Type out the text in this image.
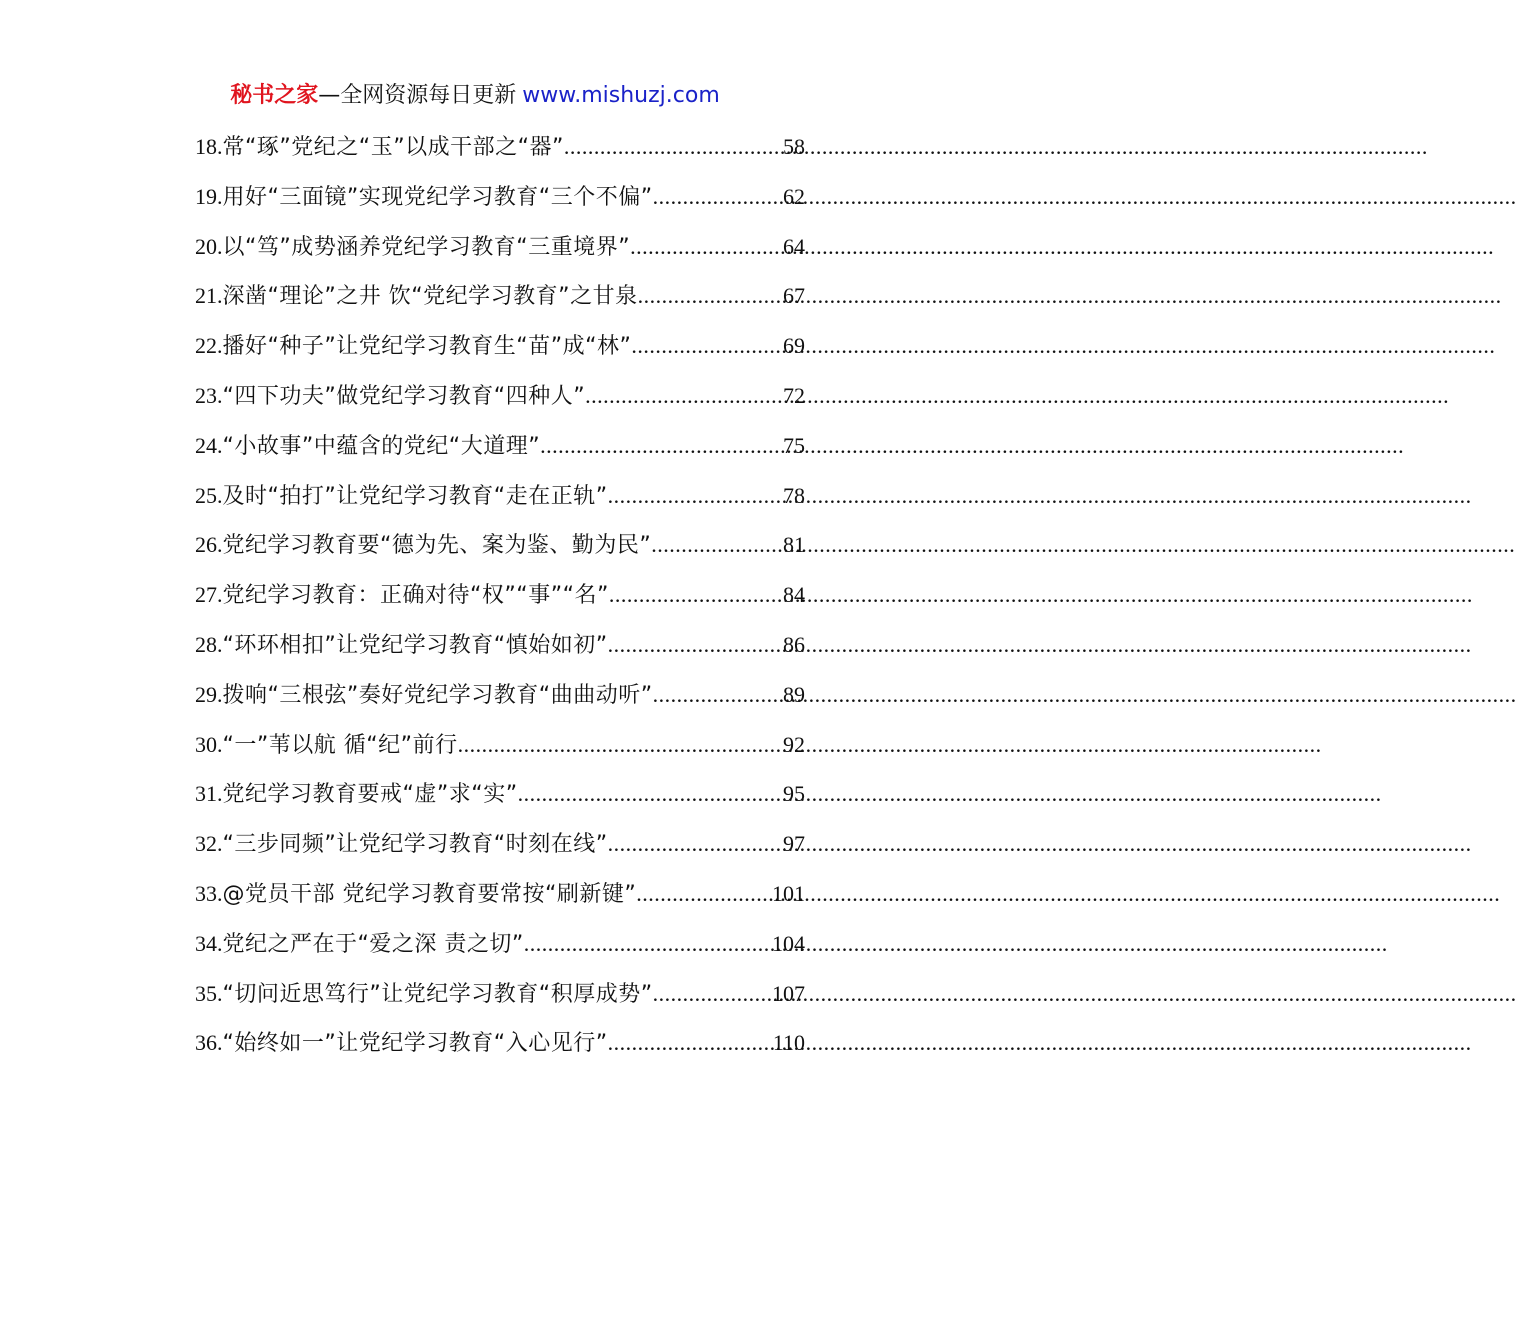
秘书之家—全网资源每日更新 www.mishuzj.com
18. 常“琢”党纪之“玉”以成干部之“器” .....	58
19. 用好“三面镜”实现党纪学习教育“三个不偏” .....	62
20. 以“笃”成势涵养党纪学习教育“三重境界” .....	64
21. 深凿“理论”之井 饮“党纪学习教育”之甘泉 .....	67
22. 播好“种子”让党纪学习教育生“苗”成“林” .....	69
23. “四下功夫”做党纪学习教育“四种人” .....	72
24. “小故事”中蕴含的党纪“大道理” .....	75
25. 及时“拍打”让党纪学习教育“走在正轨” .....	78
26. 党纪学习教育要“德为先、案为鉴、勤为民” .....	81
27. 党纪学习教育：正确对待“权”“事”“名” .....	84
28. “环环相扣”让党纪学习教育“慎始如初” .....	86
29. 拨响“三根弦”奏好党纪学习教育“曲曲动听” .....	89
30. “一”苇以航 循“纪”前行 .....	92
31. 党纪学习教育要戒“虚”求“实” .....	95
32. “三步同频”让党纪学习教育“时刻在线” .....	97
33. @党员干部 党纪学习教育要常按“刷新键” .....	101
34. 党纪之严在于“爱之深 责之切” .....	104
35. “切问近思笃行”让党纪学习教育“积厚成势” .....	107
36. “始终如一”让党纪学习教育“入心见行” .....	110
